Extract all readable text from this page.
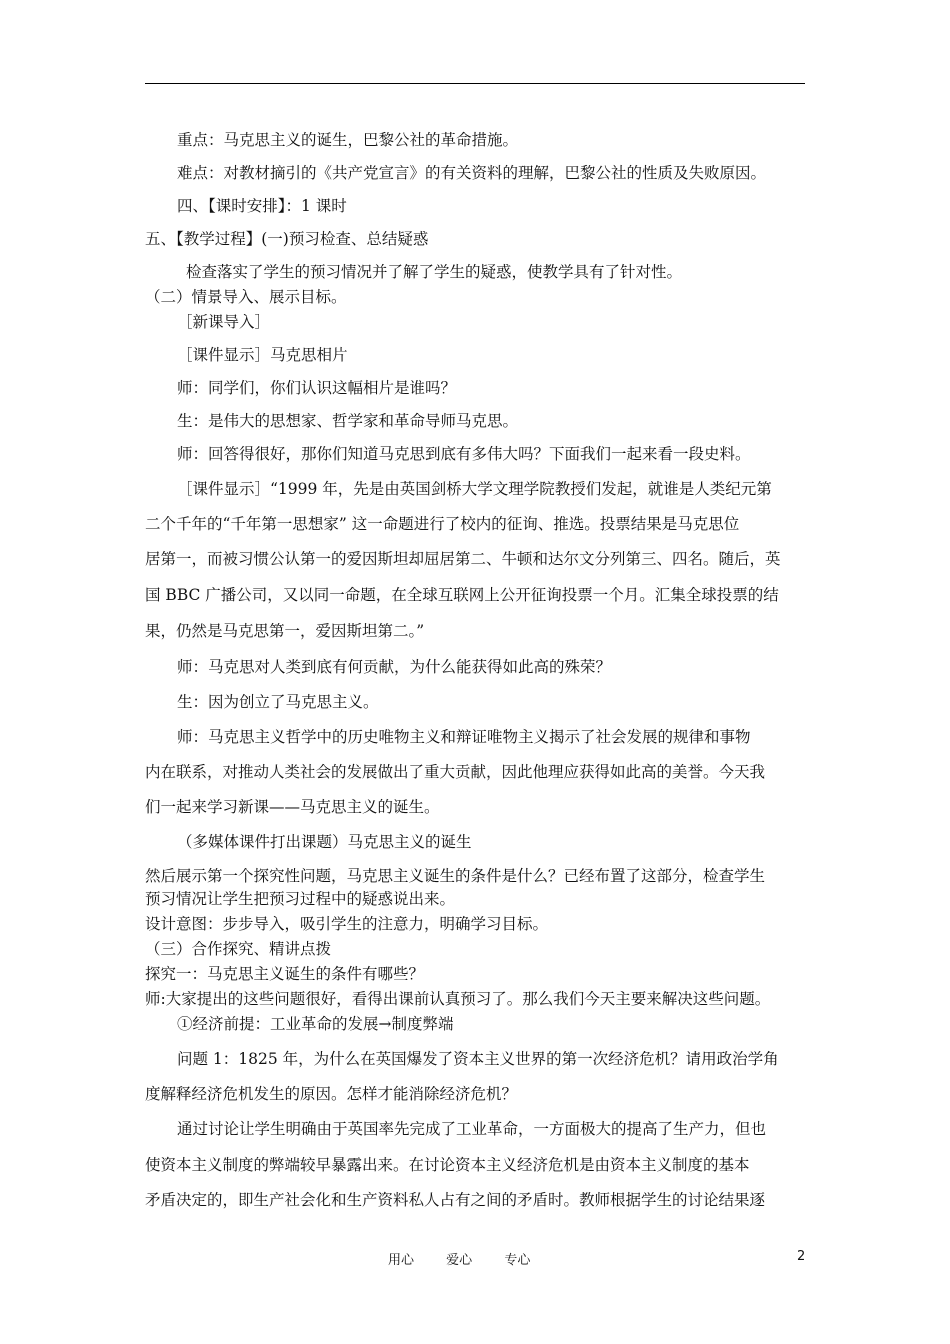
重点：马克思主义的诞生，巴黎公社的革命措施。
难点：对教材摘引的《共产党宣言》的有关资料的理解，巴黎公社的性质及失败原因。
四、【课时安排】：1 课时
五、【教学过程】(一)预习检查、总结疑惑
检查落实了学生的预习情况并了解了学生的疑惑，使教学具有了针对性。
（二）情景导入、展示目标。
［新课导入］
［课件显示］马克思相片
师：同学们，你们认识这幅相片是谁吗？
生：是伟大的思想家、哲学家和革命导师马克思。
师：回答得很好，那你们知道马克思到底有多伟大吗？下面我们一起来看一段史料。
［课件显示］“1999 年，先是由英国剑桥大学文理学院教授们发起，就谁是人类纪元第
二个千年的“千年第一思想家” 这一命题进行了校内的征询、推选。投票结果是马克思位
居第一，而被习惯公认第一的爱因斯坦却屈居第二、牛顿和达尔文分列第三、四名。随后，英
国 BBC 广播公司，又以同一命题，在全球互联网上公开征询投票一个月。汇集全球投票的结
果，仍然是马克思第一，爱因斯坦第二。”
师：马克思对人类到底有何贡献，为什么能获得如此高的殊荣？
生：因为创立了马克思主义。
师：马克思主义哲学中的历史唯物主义和辩证唯物主义揭示了社会发展的规律和事物
内在联系，对推动人类社会的发展做出了重大贡献，因此他理应获得如此高的美誉。今天我
们一起来学习新课——马克思主义的诞生。
（多媒体课件打出课题）马克思主义的诞生
然后展示第一个探究性问题，马克思主义诞生的条件是什么？已经布置了这部分，检查学生
预习情况让学生把预习过程中的疑惑说出来。
设计意图：步步导入，吸引学生的注意力，明确学习目标。
（三）合作探究、精讲点拨
探究一：马克思主义诞生的条件有哪些？
师:大家提出的这些问题很好，看得出课前认真预习了。那么我们今天主要来解决这些问题。
①经济前提：工业革命的发展→制度弊端
问题 1：1825 年，为什么在英国爆发了资本主义世界的第一次经济危机？请用政治学角
度解释经济危机发生的原因。怎样才能消除经济危机？
通过讨论让学生明确由于英国率先完成了工业革命，一方面极大的提高了生产力，但也
使资本主义制度的弊端较早暴露出来。在讨论资本主义经济危机是由资本主义制度的基本
矛盾决定的，即生产社会化和生产资料私人占有之间的矛盾时。教师根据学生的讨论结果逐
用心 爱心 专心	2
